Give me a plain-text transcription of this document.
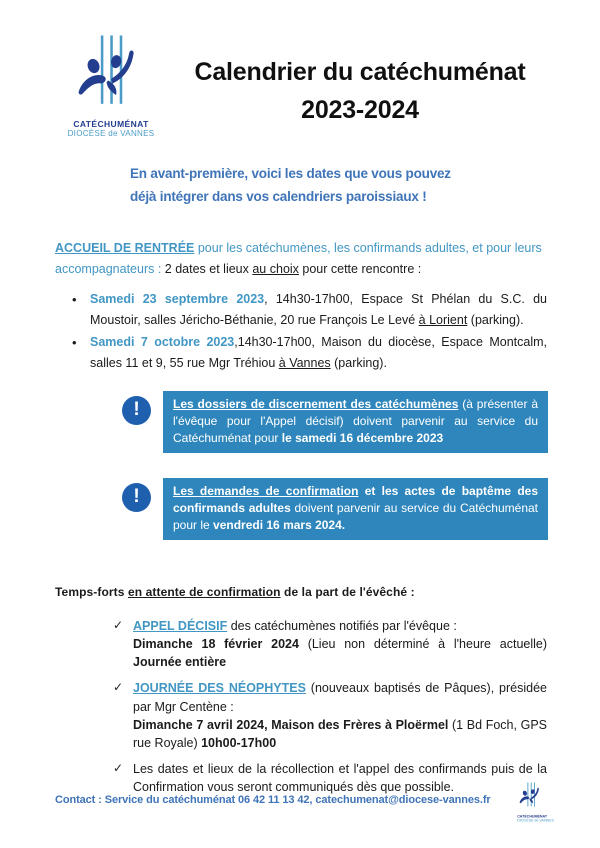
CATÉCHUMÉNAT
DIOCÈSE de VANNES
Calendrier du catéchuménat
2023-2024
En avant-première, voici les dates que vous pouvez
déjà intégrer dans vos calendriers paroissiaux !

ACCUEIL DE RENTRÉE pour les catéchumènes, les confirmands adultes, et pour leurs accompagnateurs : 2 dates et lieux au choix pour cette rencontre :

•	Samedi 23 septembre 2023, 14h30-17h00, Espace St Phélan du S.C. du Moustoir, salles Jéricho-Béthanie, 20 rue François Le Levé à Lorient (parking).
•	Samedi 7 octobre 2023,14h30-17h00, Maison du diocèse, Espace Montcalm, salles 11 et 9, 55 rue Mgr Tréhiou à Vannes (parking).
!	Les dossiers de discernement des catéchumènes (à présenter à l'évêque pour l'Appel décisif) doivent parvenir au service du Catéchuménat pour le samedi 16 décembre 2023
!	Les demandes de confirmation et les actes de baptême des confirmands adultes doivent parvenir au service du Catéchuménat pour le vendredi 16 mars 2024.
Temps-forts en attente de confirmation de la part de l'évêché :
✓ APPEL DÉCISIF des catéchumènes notifiés par l'évêque :
Dimanche 18 février 2024 (Lieu non déterminé à l'heure actuelle) Journée entière
✓ JOURNÉE DES NÉOPHYTES (nouveaux baptisés de Pâques), présidée par Mgr Centène :
Dimanche 7 avril 2024, Maison des Frères à Ploërmel (1 Bd Foch, GPS rue Royale) 10h00-17h00
✓ Les dates et lieux de la récollection et l'appel des confirmands puis de la Confirmation vous seront communiqués dès que possible.
Contact : Service du catéchuménat 06 42 11 13 42, catechumenat@diocese-vannes.fr
CATÉCHUMÉNAT
DIOCÈSE de VANNES
